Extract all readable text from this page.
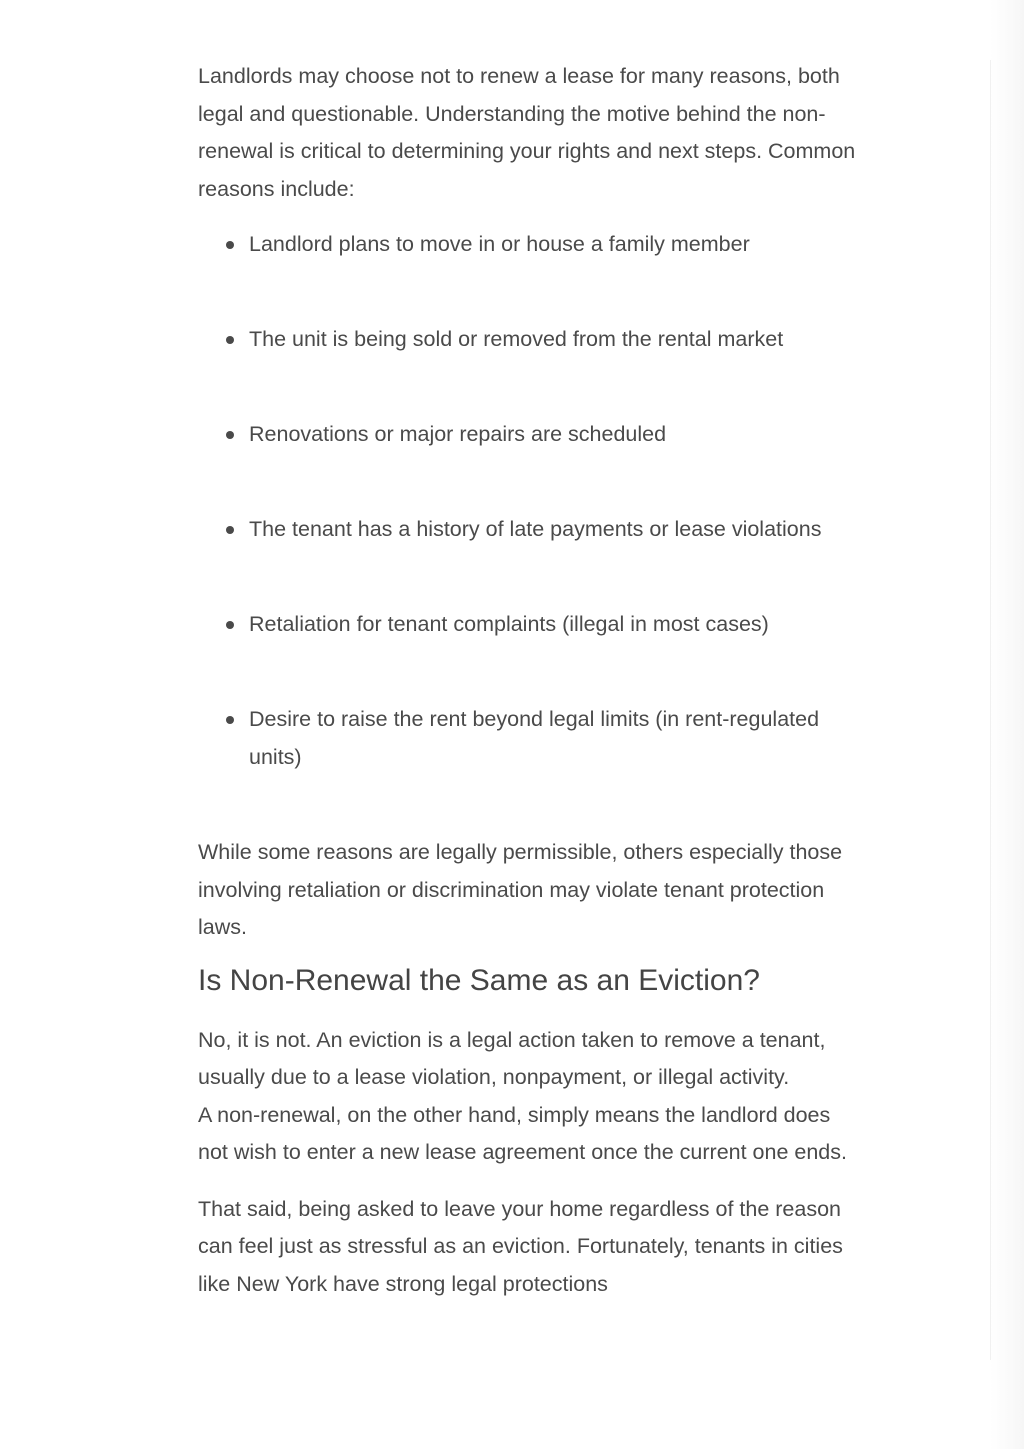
Landlords may choose not to renew a lease for many reasons, both legal and questionable. Understanding the motive behind the non-renewal is critical to determining your rights and next steps. Common reasons include:

Landlord plans to move in or house a family member
The unit is being sold or removed from the rental market
Renovations or major repairs are scheduled
The tenant has a history of late payments or lease violations
Retaliation for tenant complaints (illegal in most cases)
Desire to raise the rent beyond legal limits (in rent-regulated units)

While some reasons are legally permissible, others especially those involving retaliation or discrimination may violate tenant protection laws.

Is Non-Renewal the Same as an Eviction?

No, it is not. An eviction is a legal action taken to remove a tenant, usually due to a lease violation, nonpayment, or illegal activity.
A non-renewal, on the other hand, simply means the landlord does not wish to enter a new lease agreement once the current one ends.

That said, being asked to leave your home regardless of the reason can feel just as stressful as an eviction. Fortunately, tenants in cities like New York have strong legal protections
